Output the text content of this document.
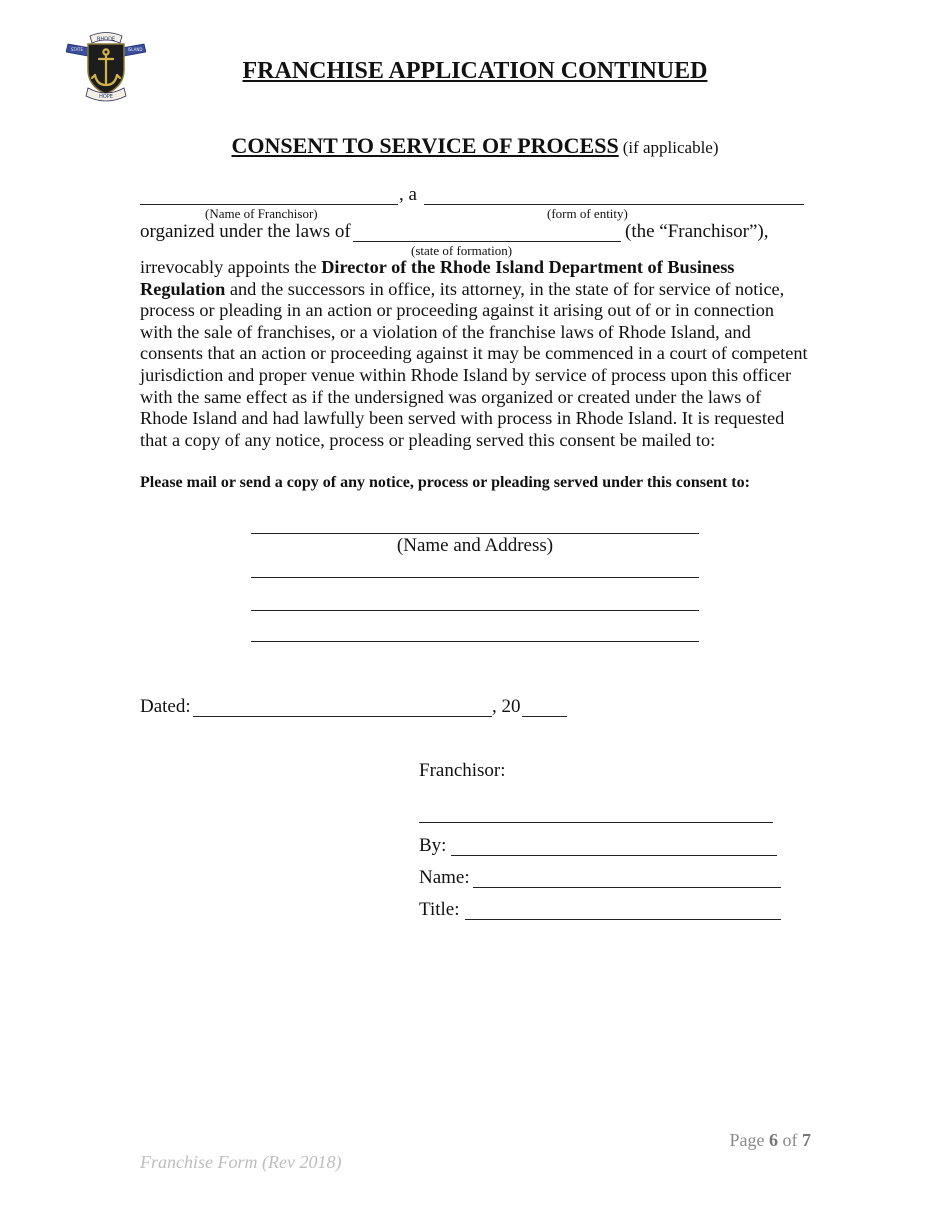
RHODE
STATE	ISLAND
HOPE
FRANCHISE APPLICATION CONTINUED
CONSENT TO SERVICE OF PROCESS (if applicable)
, a
(Name of Franchisor)	(form of entity)
organized under the laws of	(the “Franchisor”),
(state of formation)
irrevocably appoints the Director of the Rhode Island Department of Business Regulation and the successors in office, its attorney, in the state of for service of notice, process or pleading in an action or proceeding against it arising out of or in connection with the sale of franchises, or a violation of the franchise laws of Rhode Island, and consents that an action or proceeding against it may be commenced in a court of competent jurisdiction and proper venue within Rhode Island by service of process upon this officer with the same effect as if the undersigned was organized or created under the laws of Rhode Island and had lawfully been served with process in Rhode Island. It is requested that a copy of any notice, process or pleading served this consent be mailed to:
Please mail or send a copy of any notice, process or pleading served under this consent to:
(Name and Address)
Dated:	, 20
Franchisor:
By:
Name:
Title:
Page 6 of 7
Franchise Form (Rev 2018)
